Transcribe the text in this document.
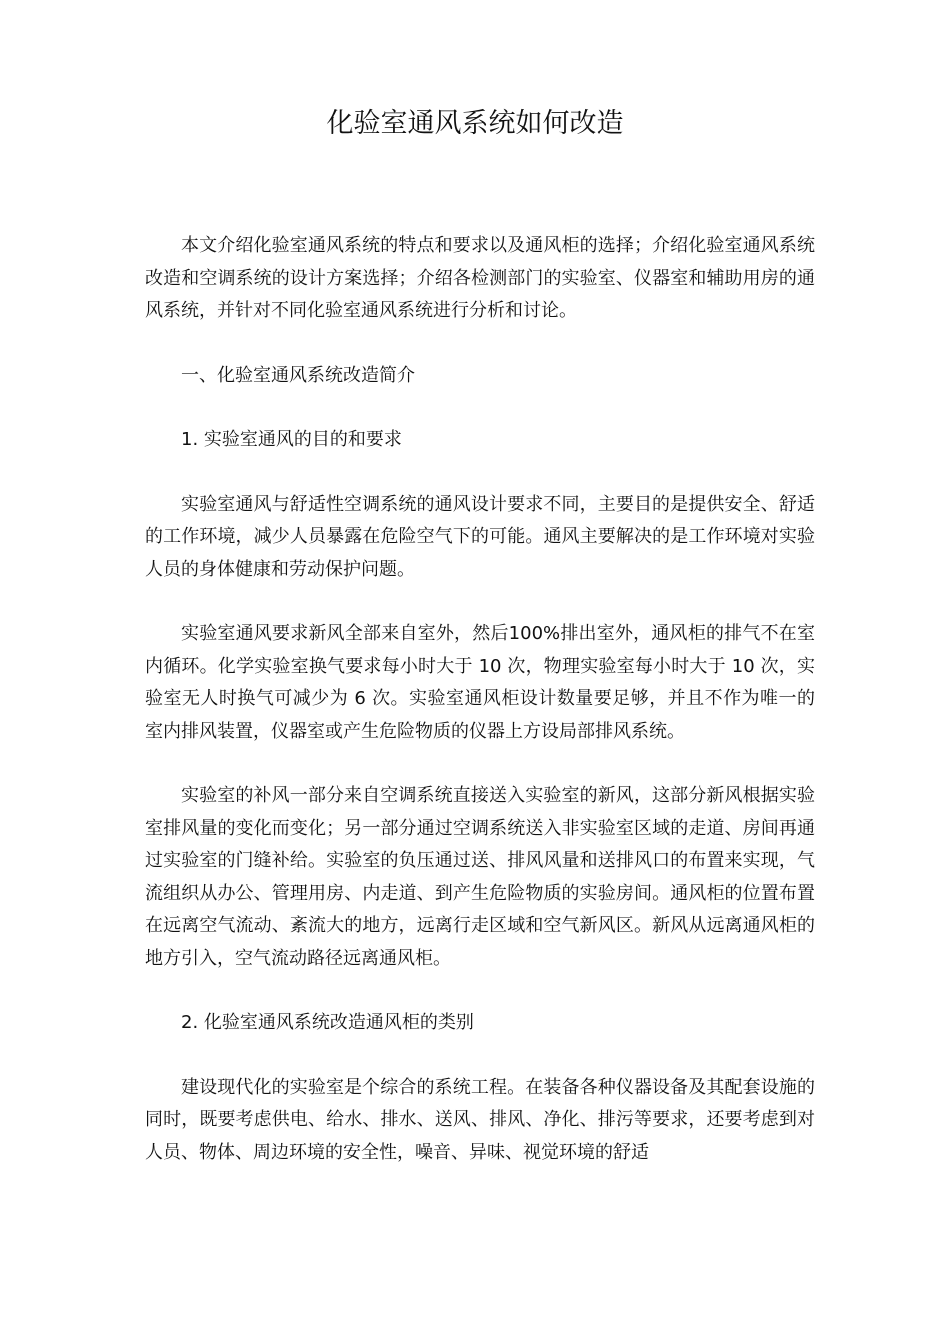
化验室通风系统如何改造

本文介绍化验室通风系统的特点和要求以及通风柜的选择；介绍化验室通风系统改造和空调系统的设计方案选择；介绍各检测部门的实验室、仪器室和辅助用房的通风系统，并针对不同化验室通风系统进行分析和讨论。

一、化验室通风系统改造简介

1. 实验室通风的目的和要求

实验室通风与舒适性空调系统的通风设计要求不同，主要目的是提供安全、舒适的工作环境，减少人员暴露在危险空气下的可能。通风主要解决的是工作环境对实验人员的身体健康和劳动保护问题。

实验室通风要求新风全部来自室外，然后100%排出室外，通风柜的排气不在室内循环。化学实验室换气要求每小时大于 10 次，物理实验室每小时大于 10 次，实验室无人时换气可减少为 6 次。实验室通风柜设计数量要足够，并且不作为唯一的室内排风装置，仪器室或产生危险物质的仪器上方设局部排风系统。

实验室的补风一部分来自空调系统直接送入实验室的新风，这部分新风根据实验室排风量的变化而变化；另一部分通过空调系统送入非实验室区域的走道、房间再通过实验室的门缝补给。实验室的负压通过送、排风风量和送排风口的布置来实现，气流组织从办公、管理用房、内走道、到产生危险物质的实验房间。通风柜的位置布置在远离空气流动、紊流大的地方，远离行走区域和空气新风区。新风从远离通风柜的地方引入，空气流动路径远离通风柜。

2. 化验室通风系统改造通风柜的类别

建设现代化的实验室是个综合的系统工程。在装备各种仪器设备及其配套设施的同时，既要考虑供电、给水、排水、送风、排风、净化、排污等要求，还要考虑到对人员、物体、周边环境的安全性，噪音、异味、视觉环境的舒适
